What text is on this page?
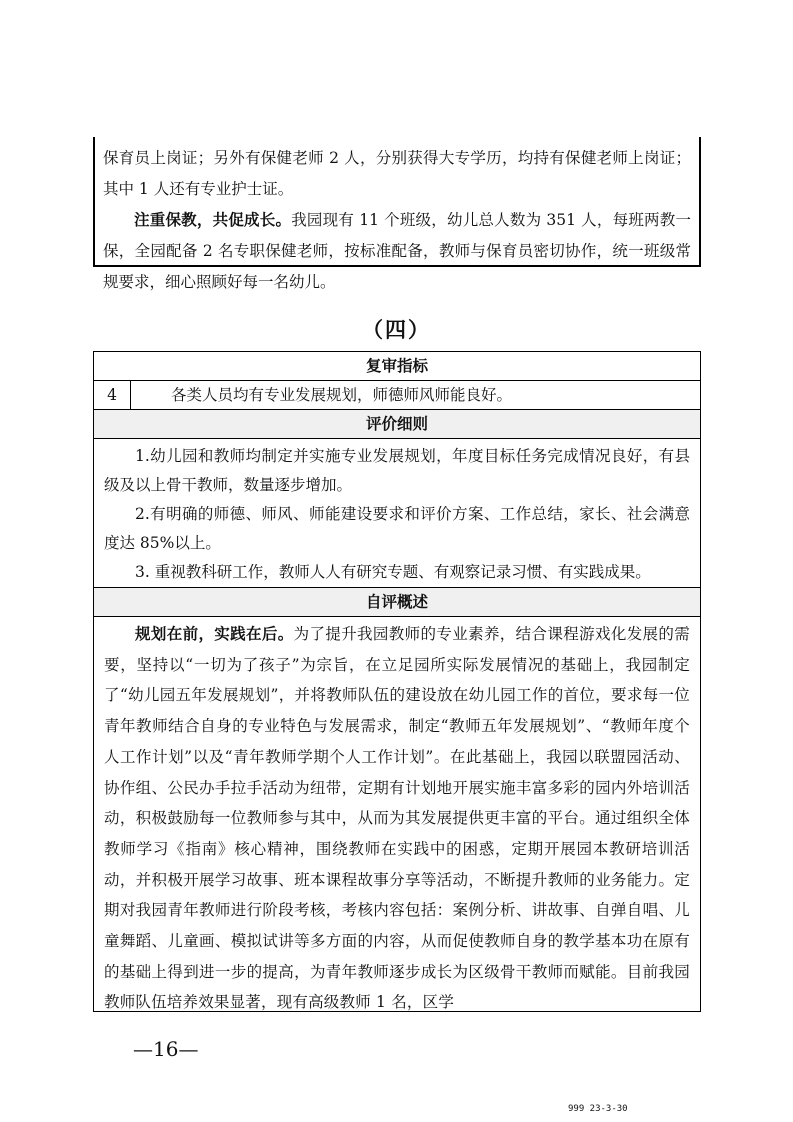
保育员上岗证；另外有保健老师 2 人，分别获得大专学历，均持有保健老师上岗证；其中 1 人还有专业护士证。

注重保教，共促成长。我园现有 11 个班级，幼儿总人数为 351 人，每班两教一保，全园配备 2 名专职保健老师，按标准配备，教师与保育员密切协作，统一班级常规要求，细心照顾好每一名幼儿。

（四）
复审指标
4	各类人员均有专业发展规划，师德师风师能良好。
评价细则

1.幼儿园和教师均制定并实施专业发展规划，年度目标任务完成情况良好，有县级及以上骨干教师，数量逐步增加。

2.有明确的师德、师风、师能建设要求和评价方案、工作总结，家长、社会满意度达 85%以上。

3. 重视教科研工作，教师人人有研究专题、有观察记录习惯、有实践成果。

自评概述

规划在前，实践在后。为了提升我园教师的专业素养，结合课程游戏化发展的需要，坚持以“一切为了孩子”为宗旨，在立足园所实际发展情况的基础上，我园制定了“幼儿园五年发展规划”，并将教师队伍的建设放在幼儿园工作的首位，要求每一位青年教师结合自身的专业特色与发展需求，制定“教师五年发展规划”、“教师年度个人工作计划”以及“青年教师学期个人工作计划”。在此基础上，我园以联盟园活动、协作组、公民办手拉手活动为纽带，定期有计划地开展实施丰富多彩的园内外培训活动，积极鼓励每一位教师参与其中，从而为其发展提供更丰富的平台。通过组织全体教师学习《指南》核心精神，围绕教师在实践中的困惑，定期开展园本教研培训活动，并积极开展学习故事、班本课程故事分享等活动，不断提升教师的业务能力。定期对我园青年教师进行阶段考核，考核内容包括：案例分析、讲故事、自弹自唱、儿童舞蹈、儿童画、模拟试讲等多方面的内容，从而促使教师自身的教学基本功在原有的基础上得到进一步的提高，为青年教师逐步成长为区级骨干教师而赋能。目前我园教师队伍培养效果显著，现有高级教师 1 名，区学

—16—
999 23-3-30
